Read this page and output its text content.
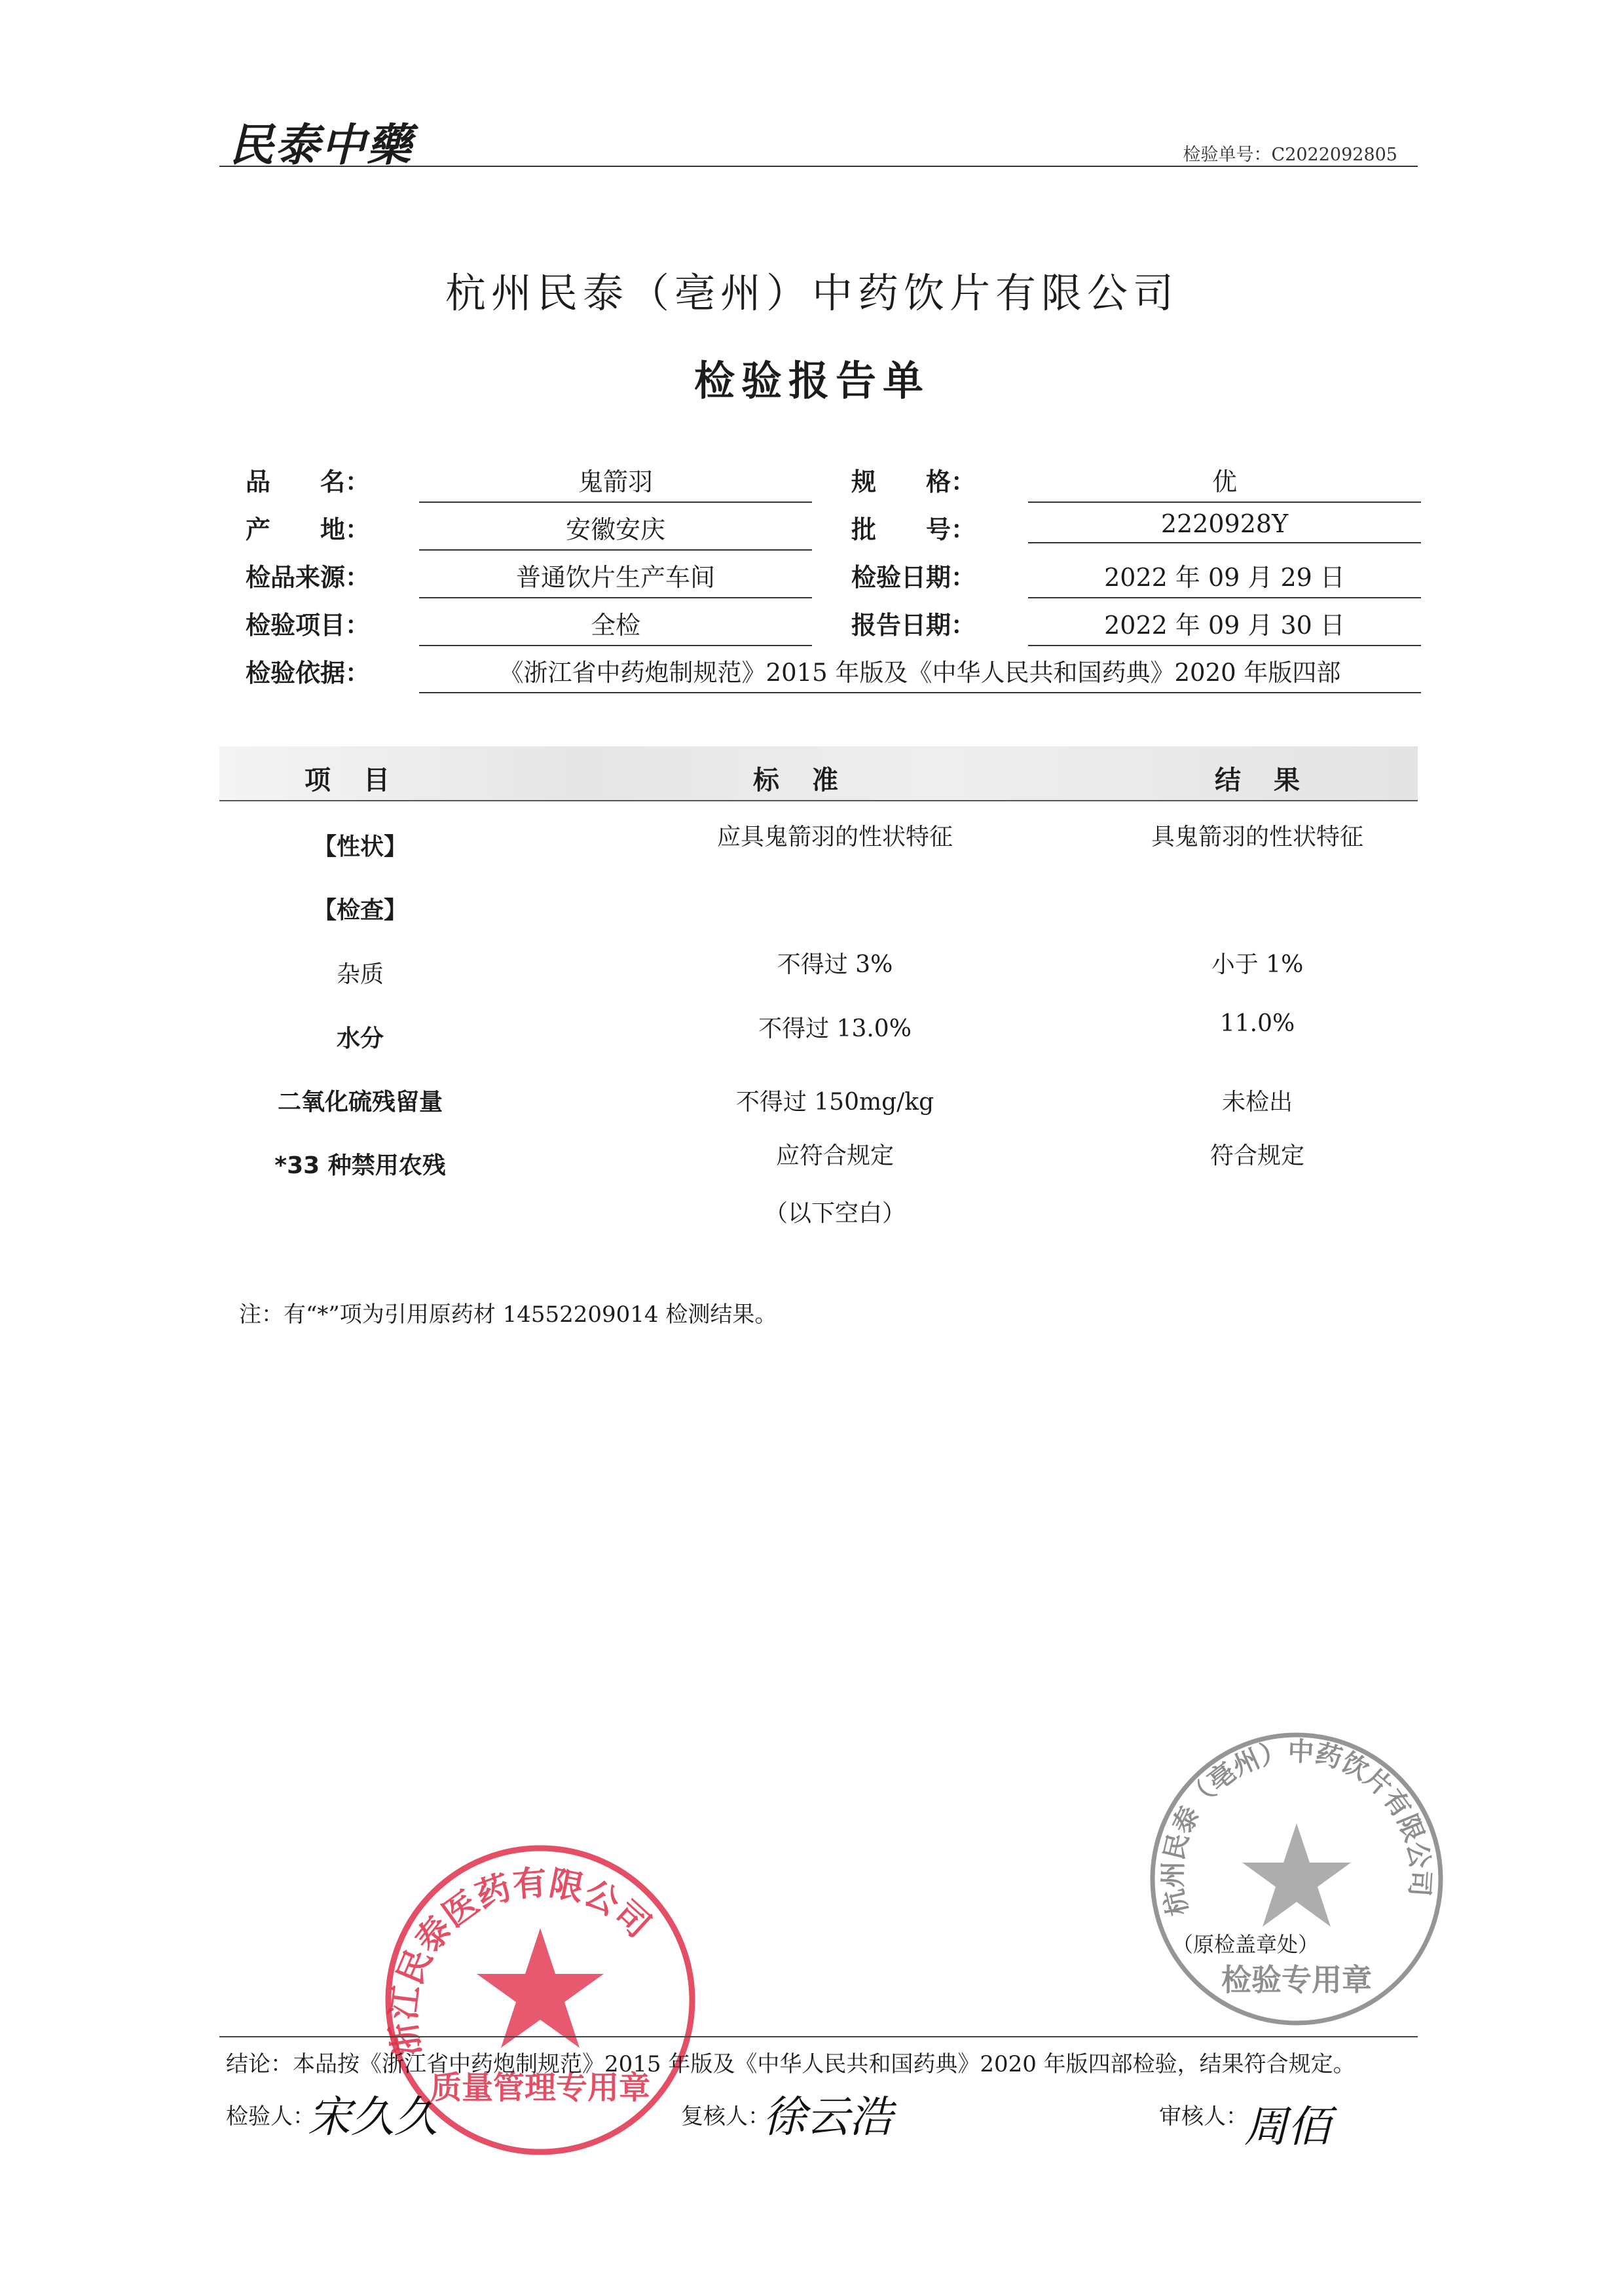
民泰中藥	检验单号：C2022092805
杭州民泰（亳州）中药饮片有限公司
检验报告单
品　　名：	鬼箭羽	规　　格：	优
产　　地：	安徽安庆	批　　号：	2220928Y
检品来源：	普通饮片生产车间	检验日期：	2022 年 09 月 29 日
检验项目：	全检	报告日期：	2022 年 09 月 30 日
检验依据：	《浙江省中药炮制规范》2015 年版及《中华人民共和国药典》2020 年版四部
项目	标准	结果
【性状】	应具鬼箭羽的性状特征	具鬼箭羽的性状特征
【检查】
杂质	不得过 3%	小于 1%
水分	不得过 13.0%	11.0%
二氧化硫残留量	不得过 150mg/kg	未检出
*33 种禁用农残	应符合规定	符合规定
（以下空白）
注：有“*”项为引用原药材 14552209014 检测结果。
杭州民泰（亳州）中药饮片有限公司
检验专用章
（原检盖章处）
浙江民泰医药有限公司
质量管理专用章
结论：本品按《浙江省中药炮制规范》2015 年版及《中华人民共和国药典》2020 年版四部检验，结果符合规定。
检验人：
宋久久	复核人：
徐云浩	审核人：
周佰
